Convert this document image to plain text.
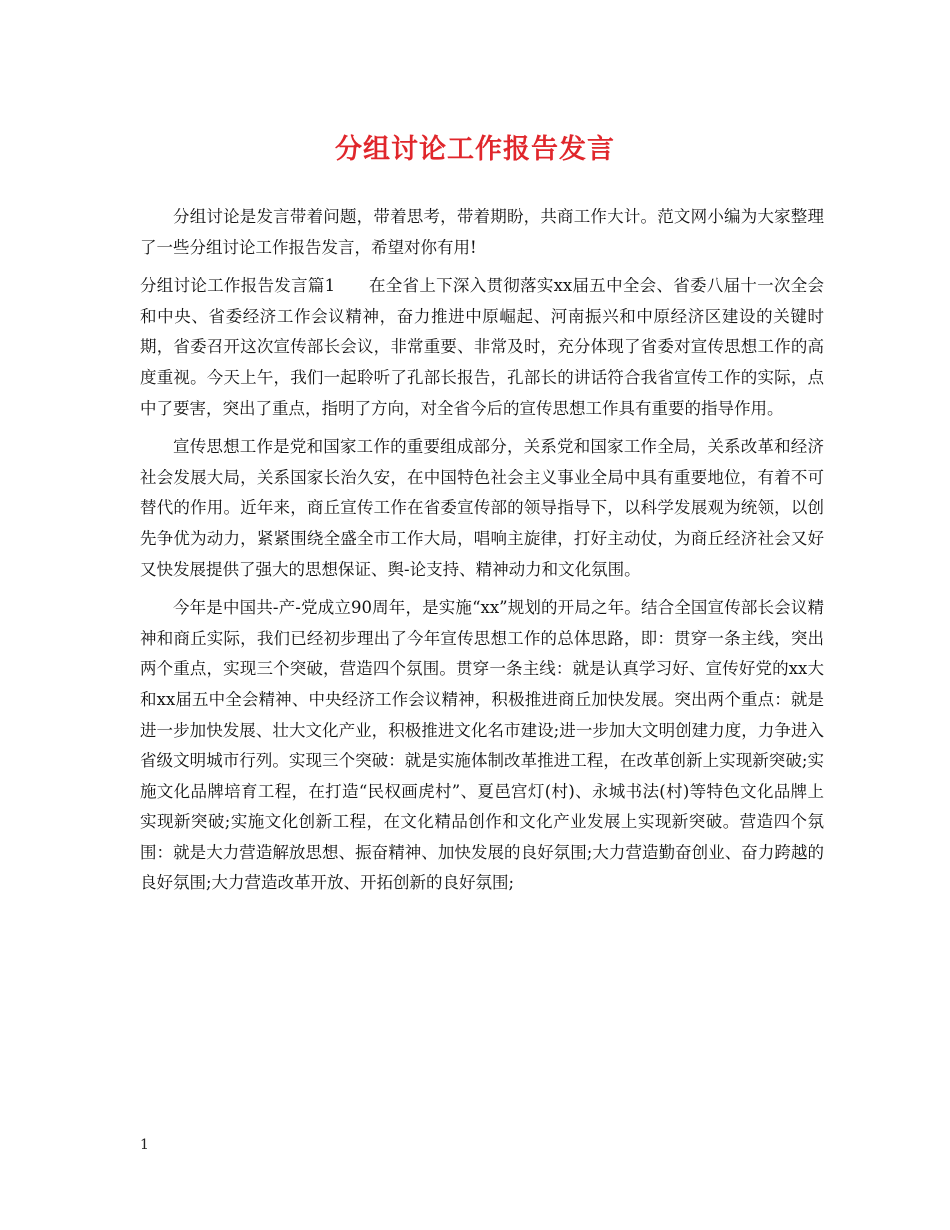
分组讨论工作报告发言

分组讨论是发言带着问题，带着思考，带着期盼，共商工作大计。范文网小编为大家整理了一些分组讨论工作报告发言，希望对你有用!

分组讨论工作报告发言篇1　　在全省上下深入贯彻落实xx届五中全会、省委八届十一次全会和中央、省委经济工作会议精神，奋力推进中原崛起、河南振兴和中原经济区建设的关键时期，省委召开这次宣传部长会议，非常重要、非常及时，充分体现了省委对宣传思想工作的高度重视。今天上午，我们一起聆听了孔部长报告，孔部长的讲话符合我省宣传工作的实际，点中了要害，突出了重点，指明了方向，对全省今后的宣传思想工作具有重要的指导作用。

宣传思想工作是党和国家工作的重要组成部分，关系党和国家工作全局，关系改革和经济社会发展大局，关系国家长治久安，在中国特色社会主义事业全局中具有重要地位，有着不可替代的作用。近年来，商丘宣传工作在省委宣传部的领导指导下，以科学发展观为统领，以创先争优为动力，紧紧围绕全盛全市工作大局，唱响主旋律，打好主动仗，为商丘经济社会又好又快发展提供了强大的思想保证、舆-论支持、精神动力和文化氛围。

今年是中国共-产-党成立90周年，是实施“xx”规划的开局之年。结合全国宣传部长会议精神和商丘实际，我们已经初步理出了今年宣传思想工作的总体思路，即：贯穿一条主线，突出两个重点，实现三个突破，营造四个氛围。贯穿一条主线：就是认真学习好、宣传好党的xx大和xx届五中全会精神、中央经济工作会议精神，积极推进商丘加快发展。突出两个重点：就是进一步加快发展、壮大文化产业，积极推进文化名市建设;进一步加大文明创建力度，力争进入省级文明城市行列。实现三个突破：就是实施体制改革推进工程，在改革创新上实现新突破;实施文化品牌培育工程，在打造“民权画虎村”、夏邑宫灯(村)、永城书法(村)等特色文化品牌上实现新突破;实施文化创新工程，在文化精品创作和文化产业发展上实现新突破。营造四个氛围：就是大力营造解放思想、振奋精神、加快发展的良好氛围;大力营造勤奋创业、奋力跨越的良好氛围;大力营造改革开放、开拓创新的良好氛围;

1
